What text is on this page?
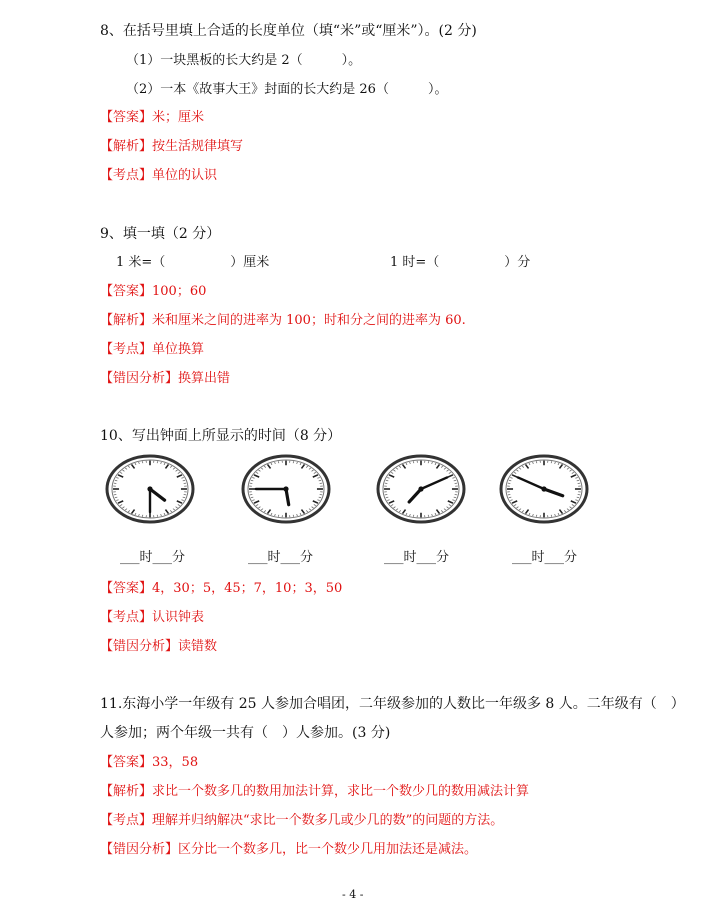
8、在括号里填上合适的长度单位（填“米”或“厘米”）。(2 分)
（1）一块黑板的长大约是 2（　　　）。
（2）一本《故事大王》封面的长大约是 26（　　　）。
【答案】米；厘米
【解析】按生活规律填写
【考点】单位的认识
9、填一填（2 分）
1 米=（　　　　　）厘米	1 时=（　　　　　）分
【答案】100；60
【解析】米和厘米之间的进率为 100；时和分之间的进率为 60.
【考点】单位换算
【错因分析】换算出错
10、写出钟面上所显示的时间（8 分）
___时___分	___时___分	___时___分	___时___分
【答案】4，30；5，45；7，10；3，50
【考点】认识钟表
【错因分析】读错数
11.东海小学一年级有 25 人参加合唱团，二年级参加的人数比一年级多 8 人。二年级有（　）
人参加；两个年级一共有（　）人参加。(3 分)
【答案】33，58
【解析】求比一个数多几的数用加法计算，求比一个数少几的数用减法计算
【考点】理解并归纳解决“求比一个数多几或少几的数”的问题的方法。
【错因分析】区分比一个数多几，比一个数少几用加法还是减法。
- 4 -
